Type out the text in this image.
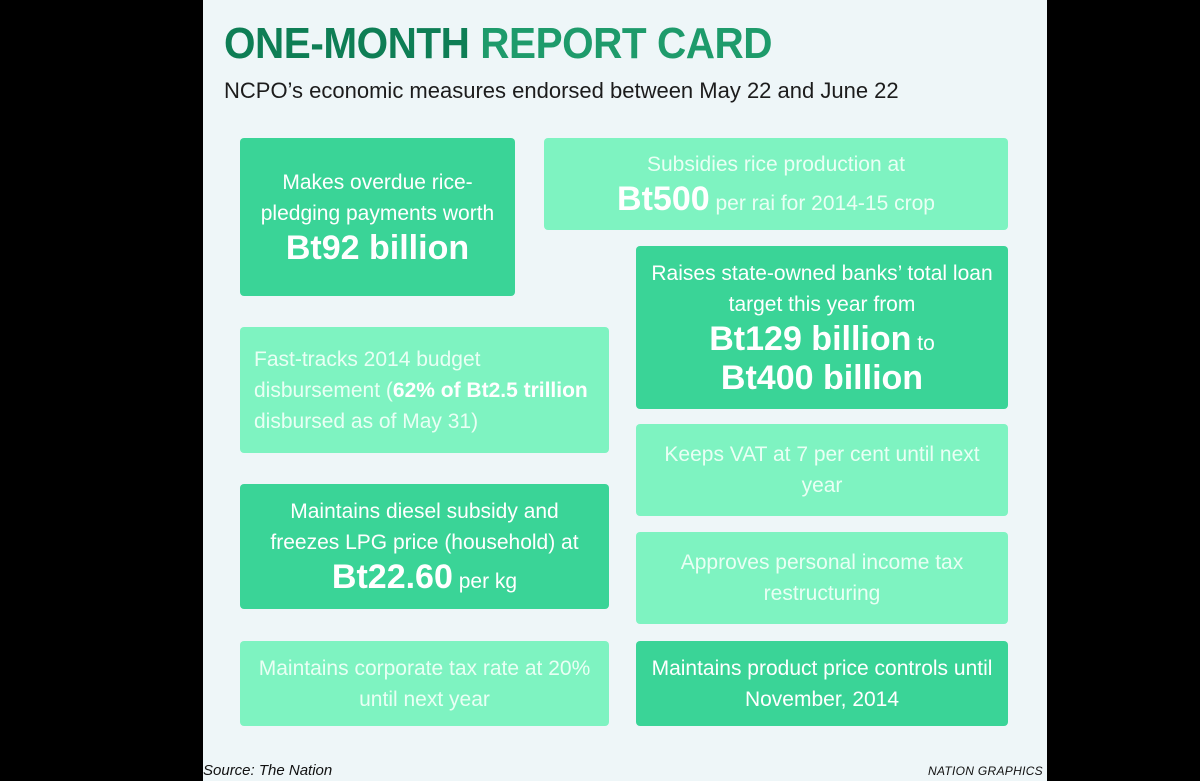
ONE-MONTH REPORT CARD
NCPO’s economic measures endorsed between May 22 and June 22
Makes overdue rice-pledging payments worth
Bt92 billion
Fast-tracks 2014 budget disbursement (62% of Bt2.5 trillion disbursed as of May 31)
Maintains diesel subsidy and freezes LPG price (household) at
Bt22.60 per kg
Maintains corporate tax rate at 20% until next year
Subsidies rice production at
Bt500 per rai for 2014-15 crop
Raises state-owned banks’ total loan target this year from
Bt129 billion to
Bt400 billion
Keeps VAT at 7 per cent until next year
Approves personal income tax restructuring
Maintains product price controls until November, 2014
Source: The Nation	NATION GRAPHICS
